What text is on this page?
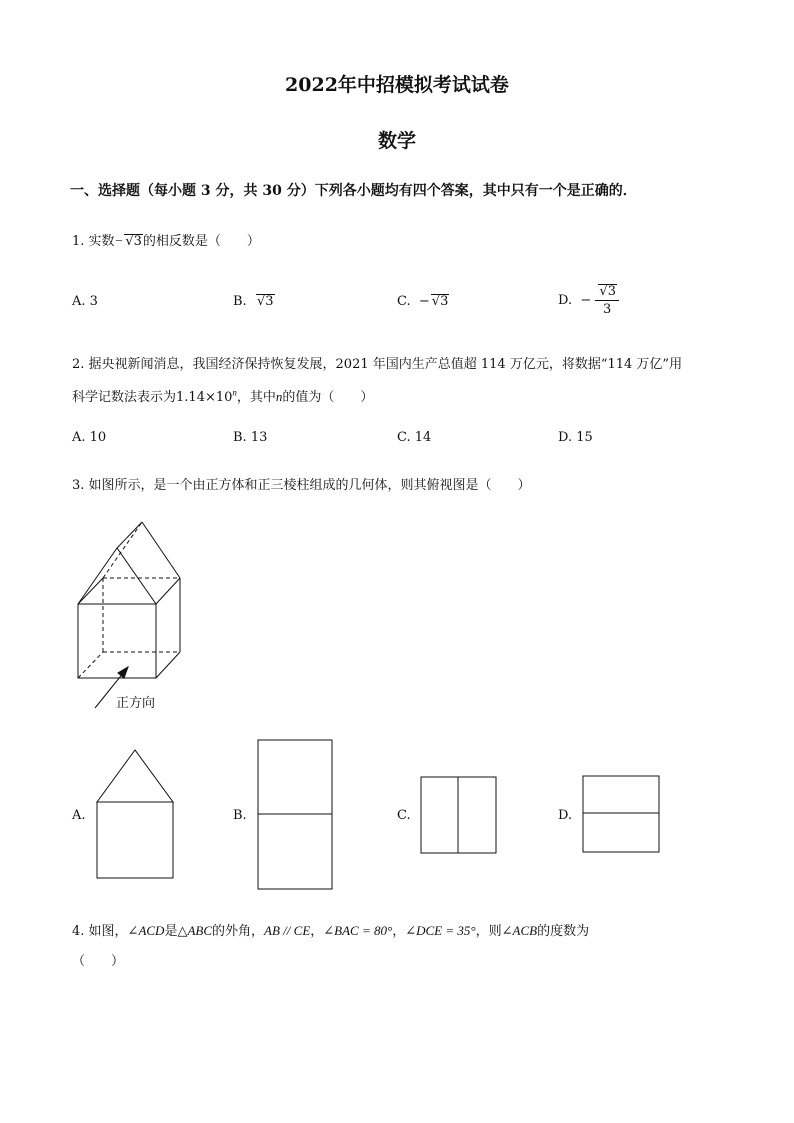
2022年中招模拟考试试卷
数学
一、选择题（每小题 3 分，共 30 分）下列各小题均有四个答案，其中只有一个是正确的．
1. 实数− √3的相反数是（　　）
A. 3	B. √3	C. − √3	D. − $\frac{√3}{3}$
2. 据央视新闻消息，我国经济保持恢复发展，2021 年国内生产总值超 114 万亿元，将数据“114 万亿”用
科学记数法表示为$1.14\times 10^n$，其中n的值为（　　）
A. 10	B. 13	C. 14	D. 15
3. 如图所示，是一个由正方体和正三棱柱组成的几何体，则其俯视图是（　　）
正方向
A.	B.	C.	D.
4. 如图，∠ACD是△ABC的外角，AB // CE，∠BAC = 80°，∠DCE = 35°，则∠ACB的度数为
（　　）
